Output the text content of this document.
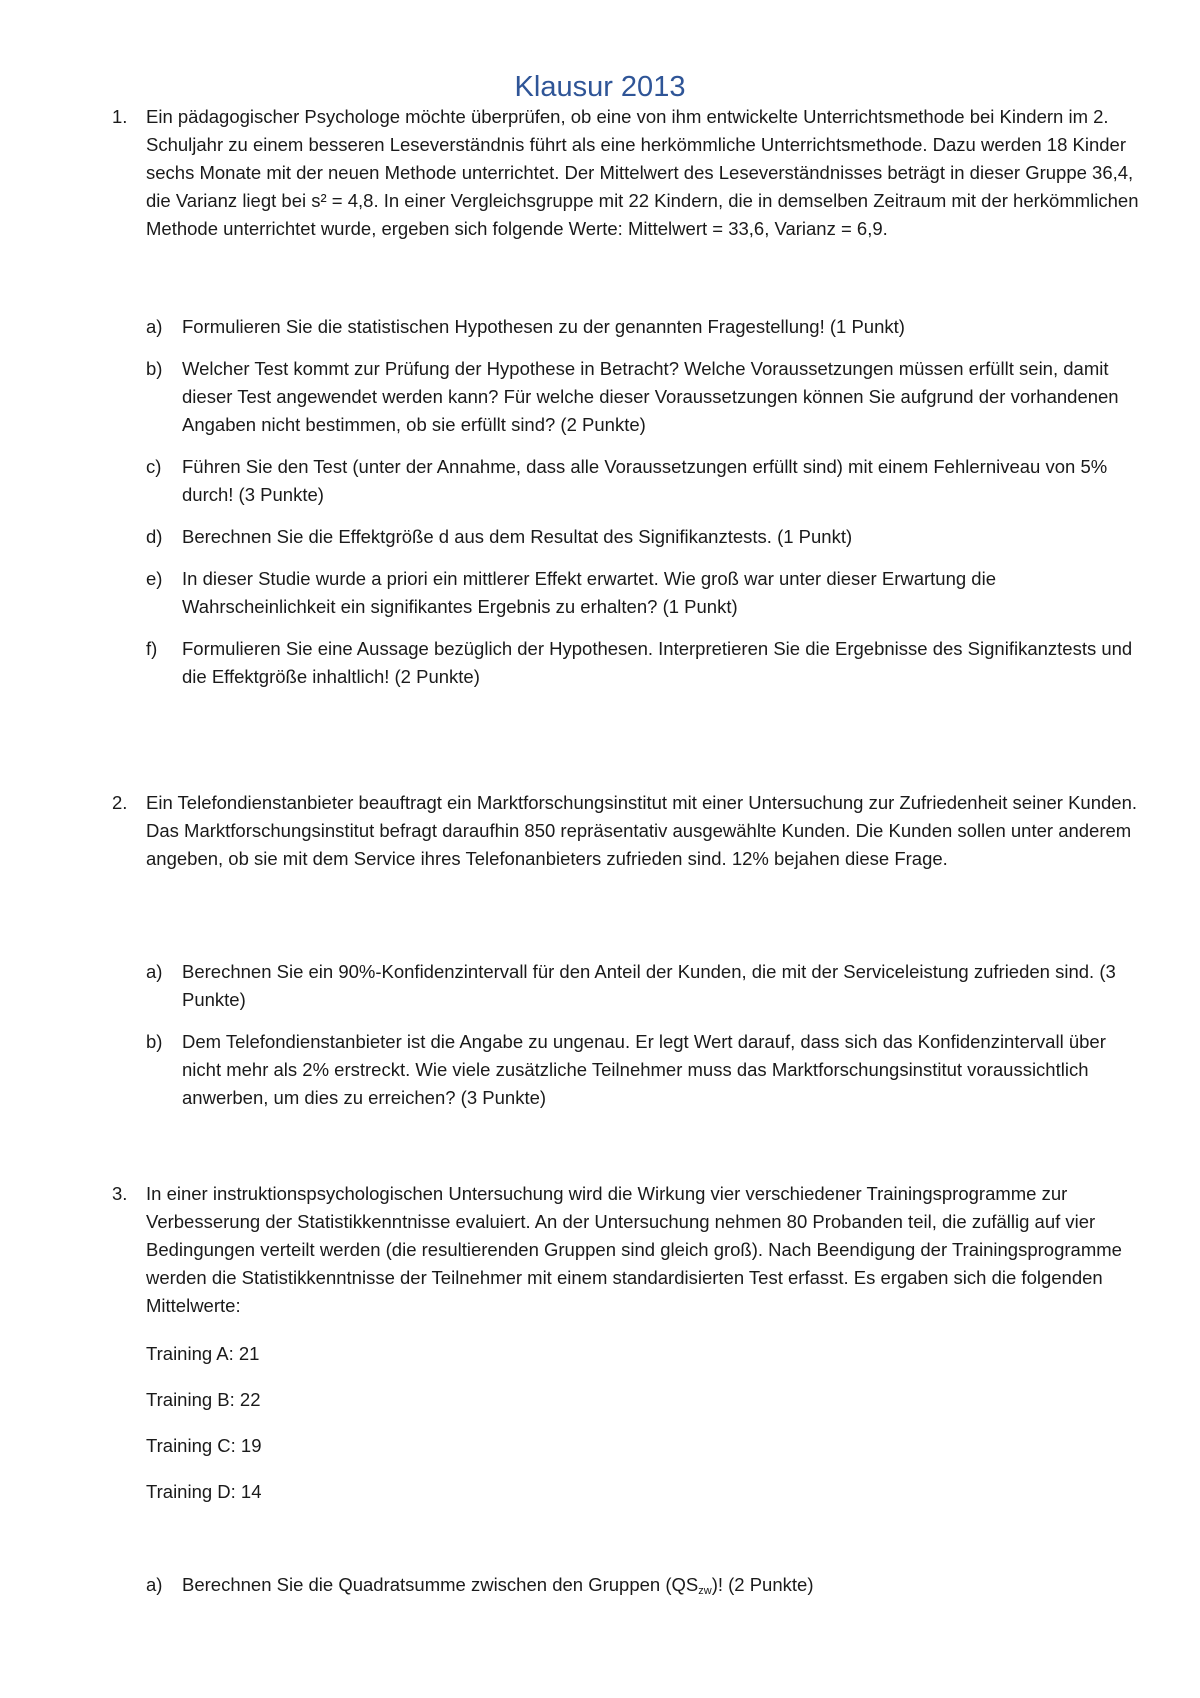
Klausur 2013
1.	Ein pädagogischer Psychologe möchte überprüfen, ob eine von ihm entwickelte Unterrichtsmethode bei Kindern im 2. Schuljahr zu einem besseren Leseverständnis führt als eine herkömmliche Unterrichtsmethode. Dazu werden 18 Kinder sechs Monate mit der neuen Methode unterrichtet. Der Mittelwert des Leseverständnisses beträgt in dieser Gruppe 36,4, die Varianz liegt bei s² = 4,8. In einer Vergleichsgruppe mit 22 Kindern, die in demselben Zeitraum mit der herkömmlichen Methode unterrichtet wurde, ergeben sich folgende Werte: Mittelwert = 33,6, Varianz = 6,9.
a)	Formulieren Sie die statistischen Hypothesen zu der genannten Fragestellung! (1 Punkt)
b)	Welcher Test kommt zur Prüfung der Hypothese in Betracht? Welche Voraussetzungen müssen erfüllt sein, damit dieser Test angewendet werden kann? Für welche dieser Voraussetzungen können Sie aufgrund der vorhandenen Angaben nicht bestimmen, ob sie erfüllt sind? (2 Punkte)
c)	Führen Sie den Test (unter der Annahme, dass alle Voraussetzungen erfüllt sind) mit einem Fehlerniveau von 5% durch! (3 Punkte)
d)	Berechnen Sie die Effektgröße d aus dem Resultat des Signifikanztests. (1 Punkt)
e)	In dieser Studie wurde a priori ein mittlerer Effekt erwartet. Wie groß war unter dieser Erwartung die Wahrscheinlichkeit ein signifikantes Ergebnis zu erhalten? (1 Punkt)
f)	Formulieren Sie eine Aussage bezüglich der Hypothesen. Interpretieren Sie die Ergebnisse des Signifikanztests und die Effektgröße inhaltlich! (2 Punkte)
2.	Ein Telefondienstanbieter beauftragt ein Marktforschungsinstitut mit einer Untersuchung zur Zufriedenheit seiner Kunden. Das Marktforschungsinstitut befragt daraufhin 850 repräsentativ ausgewählte Kunden. Die Kunden sollen unter anderem angeben, ob sie mit dem Service ihres Telefonanbieters zufrieden sind. 12% bejahen diese Frage.
a)	Berechnen Sie ein 90%-Konfidenzintervall für den Anteil der Kunden, die mit der Serviceleistung zufrieden sind. (3 Punkte)
b)	Dem Telefondienstanbieter ist die Angabe zu ungenau. Er legt Wert darauf, dass sich das Konfidenzintervall über nicht mehr als 2% erstreckt. Wie viele zusätzliche Teilnehmer muss das Marktforschungsinstitut voraussichtlich anwerben, um dies zu erreichen? (3 Punkte)
3.	In einer instruktionspsychologischen Untersuchung wird die Wirkung vier verschiedener Trainingsprogramme zur Verbesserung der Statistikkenntnisse evaluiert. An der Untersuchung nehmen 80 Probanden teil, die zufällig auf vier Bedingungen verteilt werden (die resultierenden Gruppen sind gleich groß). Nach Beendigung der Trainingsprogramme werden die Statistikkenntnisse der Teilnehmer mit einem standardisierten Test erfasst. Es ergaben sich die folgenden Mittelwerte:
Training A: 21
Training B: 22
Training C: 19
Training D: 14
a)	Berechnen Sie die Quadratsumme zwischen den Gruppen $(QS_{zw})$! (2 Punkte)
